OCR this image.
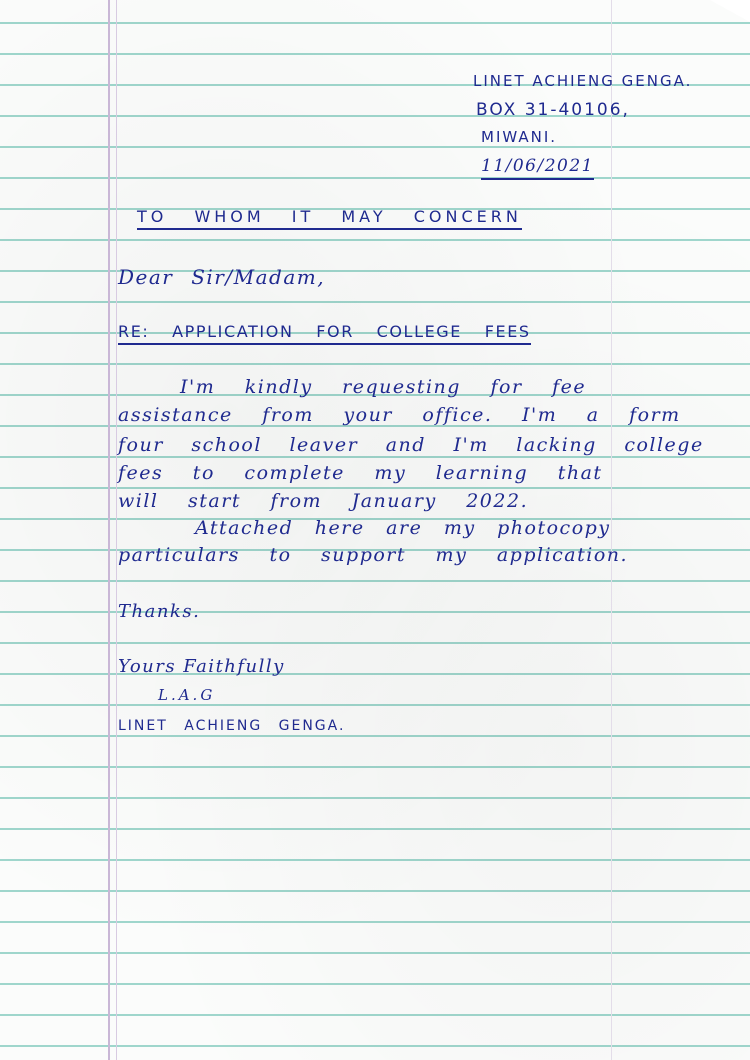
LINET ACHIENG GENGA.
BOX 31-40106,
MIWANI.
11/06/2021
TO WHOM IT MAY CONCERN
Dear Sir/Madam,
RE: APPLICATION FOR COLLEGE FEES
I'm kindly requesting for fee
assistance from your office. I'm a form
four school leaver and I'm lacking college
fees to complete my learning that
will start from January 2022.
Attached here are my photocopy
particulars to support my application.
Thanks.
Yours Faithfully
L.A.G
LINET ACHIENG GENGA.
